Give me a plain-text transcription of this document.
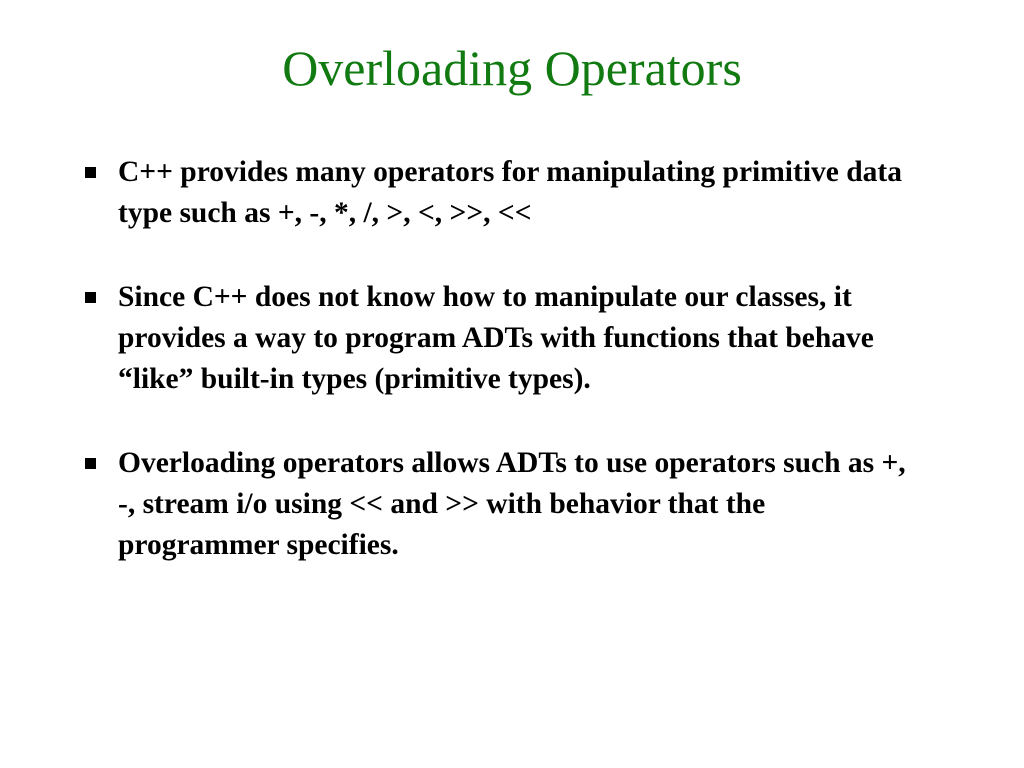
Overloading Operators
C++ provides many operators for manipulating primitive data type such as +, -, *, /, >, <, >>, <<
Since C++ does not know how to manipulate our classes, it provides a way to program ADTs with functions that behave “like” built-in types (primitive types).
Overloading operators allows ADTs to use operators such as +, -, stream i/o using << and >> with behavior that the programmer specifies.
